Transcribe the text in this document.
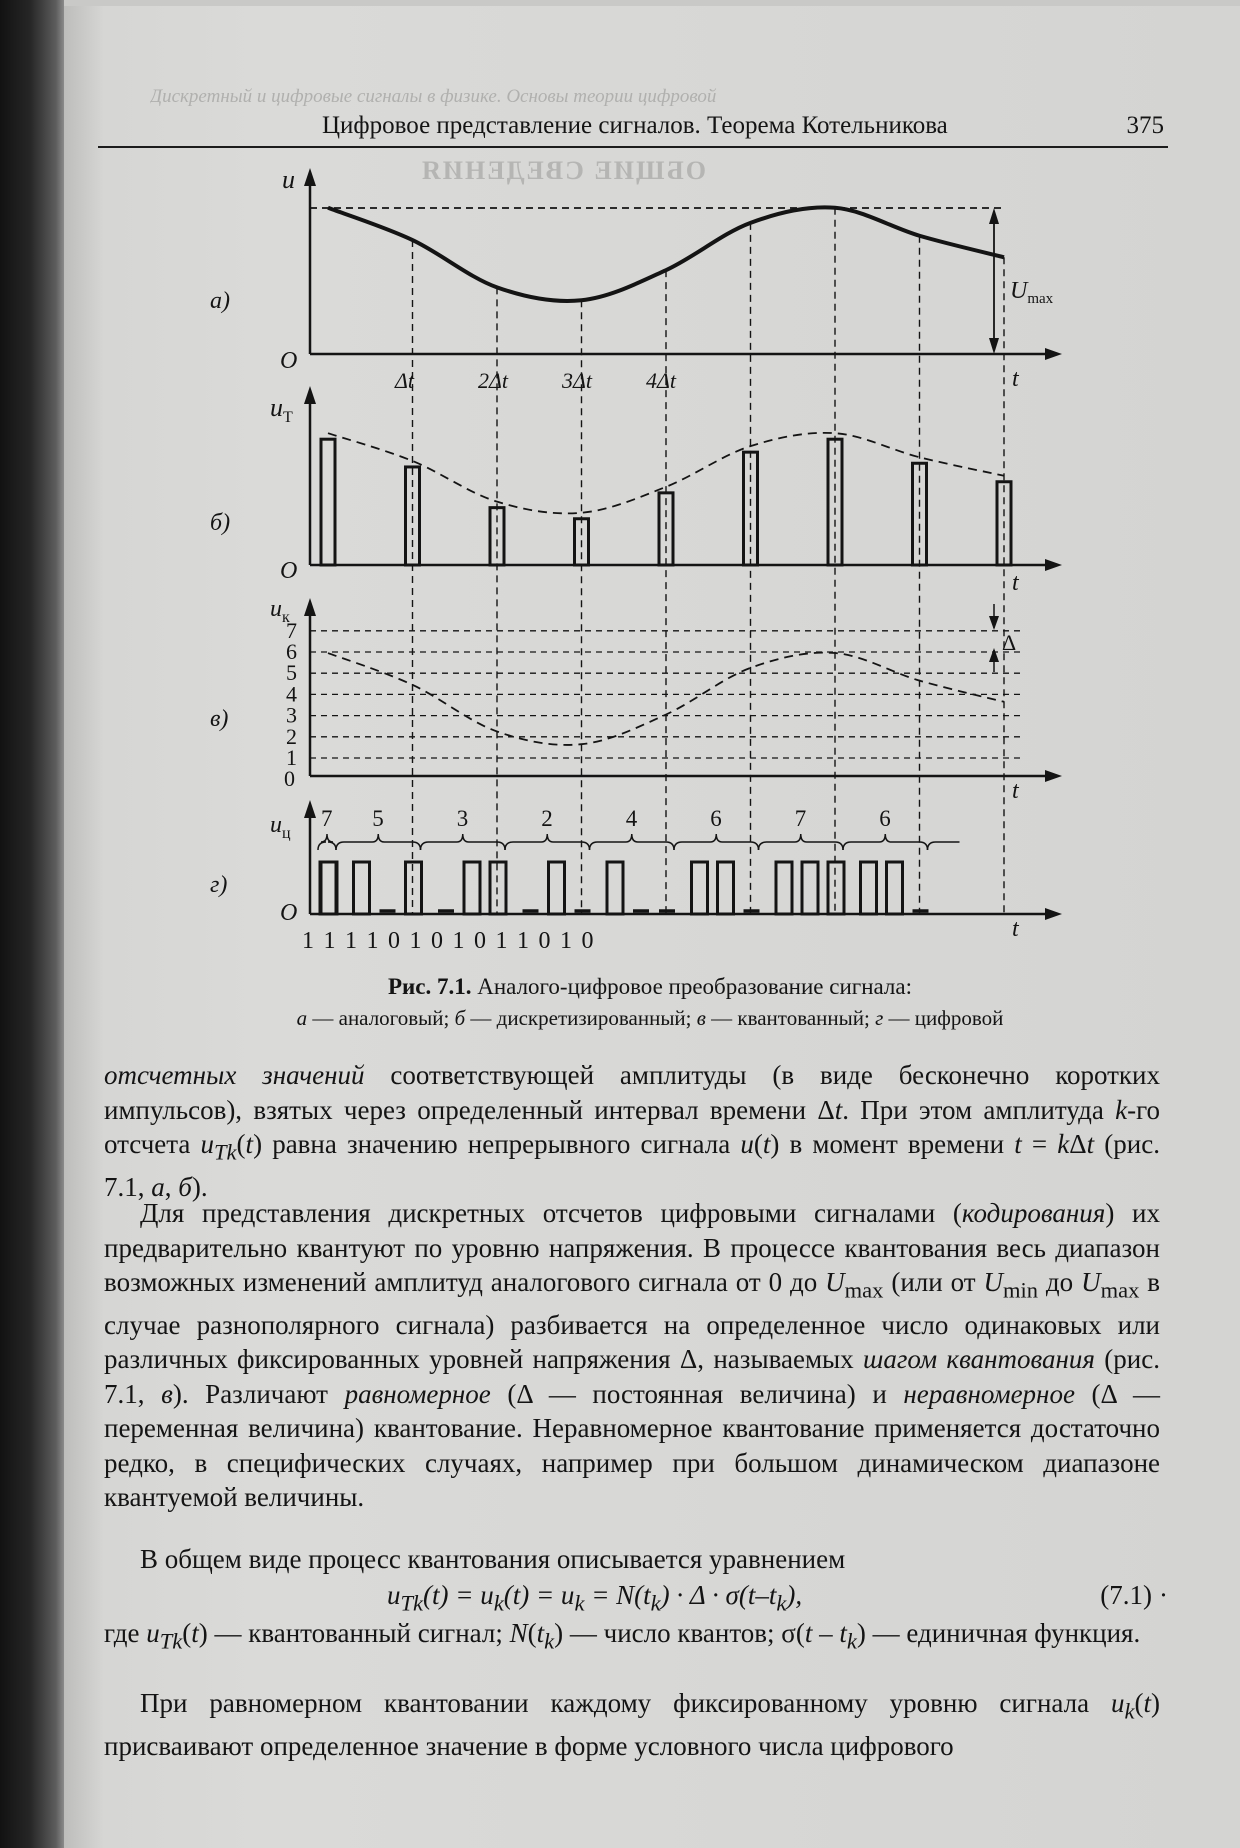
Дискретный и цифровые сигналы в физике. Основы теории цифровой
ОБЩИЕ СВЕДЕНИЯ
Цифровое представление сигналов. Теорема Котельникова	375
u
O
t
а)	$U_{max}$
Δt	2Δt 3Δt 4Δt
$u_T$
O	t
б)
$u_к$
0	t
в)
7
6
5
4
3
2
1
Δ
$u_ц$
O
t
г)
7 5	3	2	4	6	7	6
1 1 1 1 0 1 0 1 0 1 1 0 1 0
Рис. 7.1. Аналого-цифровое преобразование сигнала:
а — аналоговый; б — дискретизированный; в — квантованный; г — цифровой

отсчетных значений соответствующей амплитуды (в виде бесконечно коротких импульсов), взятых через определенный интервал времени Δt. При этом амплитуда k-го отсчета $u_{Tk}(t)$ равна значению непрерывного сигнала u(t) в момент времени t = kΔt (рис. 7.1, а, б).

Для представления дискретных отсчетов цифровыми сигналами (кодирования) их предварительно квантуют по уровню напряжения. В процессе квантования весь диапазон возможных изменений амплитуд аналогового сигнала от 0 до $U_{max}$ (или от $U_{min}$ до $U_{max}$ в случае разнополярного сигнала) разбивается на определенное число одинаковых или различных фиксированных уровней напряжения Δ, называемых шагом квантования (рис. 7.1, в). Различают равномерное (Δ — постоянная величина) и неравномерное (Δ — переменная величина) квантование. Неравномерное квантование применяется достаточно редко, в специфических случаях, например при большом динамическом диапазоне квантуемой величины.

В общем виде процесс квантования описывается уравнением

$u_{Tk}(t) = u_k(t) = u_k = N(t_k) \cdot \Delta \cdot \sigma(t-t_k)$,	(7.1) ·

где $u_{Tk}(t)$ — квантованный сигнал; $N(t_k)$ — число квантов; $\sigma(t - t_k)$ — единичная функция.

При равномерном квантовании каждому фиксированному уровню сигнала $u_k(t)$ присваивают определенное значение в форме условного числа цифрового
